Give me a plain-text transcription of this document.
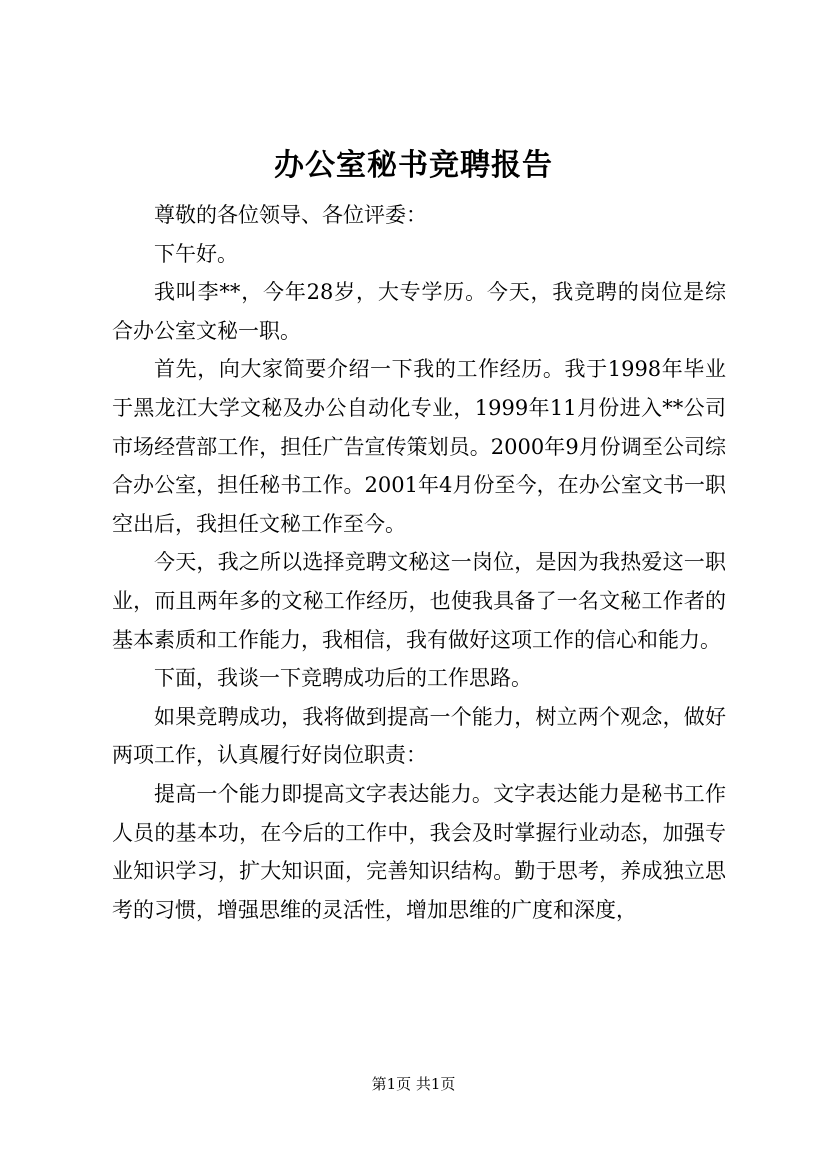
办公室秘书竞聘报告

尊敬的各位领导、各位评委：

下午好。

我叫李**，今年28岁，大专学历。今天，我竞聘的岗位是综合办公室文秘一职。

首先，向大家简要介绍一下我的工作经历。我于1998年毕业于黑龙江大学文秘及办公自动化专业，1999年11月份进入**公司市场经营部工作，担任广告宣传策划员。2000年9月份调至公司综合办公室，担任秘书工作。2001年4月份至今，在办公室文书一职空出后，我担任文秘工作至今。

今天，我之所以选择竞聘文秘这一岗位，是因为我热爱这一职业，而且两年多的文秘工作经历，也使我具备了一名文秘工作者的基本素质和工作能力，我相信，我有做好这项工作的信心和能力。

下面，我谈一下竞聘成功后的工作思路。

如果竞聘成功，我将做到提高一个能力，树立两个观念，做好两项工作，认真履行好岗位职责：

提高一个能力即提高文字表达能力。文字表达能力是秘书工作人员的基本功，在今后的工作中，我会及时掌握行业动态，加强专业知识学习，扩大知识面，完善知识结构。勤于思考，养成独立思考的习惯，增强思维的灵活性，增加思维的广度和深度，

第1页 共1页
